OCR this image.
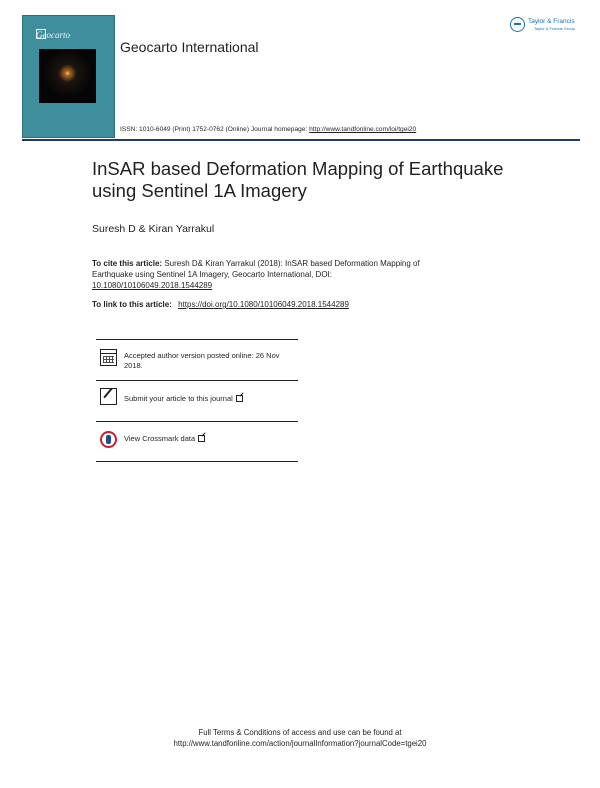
Geocarto
Geocarto International
Taylor & Francis
Taylor & Francis Group
ISSN: 1010-6049 (Print) 1752-0762 (Online) Journal homepage: http://www.tandfonline.com/loi/tgei20
InSAR based Deformation Mapping of Earthquake using Sentinel 1A Imagery
Suresh D & Kiran Yarrakul
To cite this article: Suresh D& Kiran Yarrakul (2018): InSAR based Deformation Mapping of Earthquake using Sentinel 1A Imagery, Geocarto International, DOI: 10.1080/10106049.2018.1544289
To link to this article: https://doi.org/10.1080/10106049.2018.1544289
Accepted author version posted online: 26 Nov 2018.
Submit your article to this journal
View Crossmark data
Full Terms & Conditions of access and use can be found at
http://www.tandfonline.com/action/journalInformation?journalCode=tgei20
